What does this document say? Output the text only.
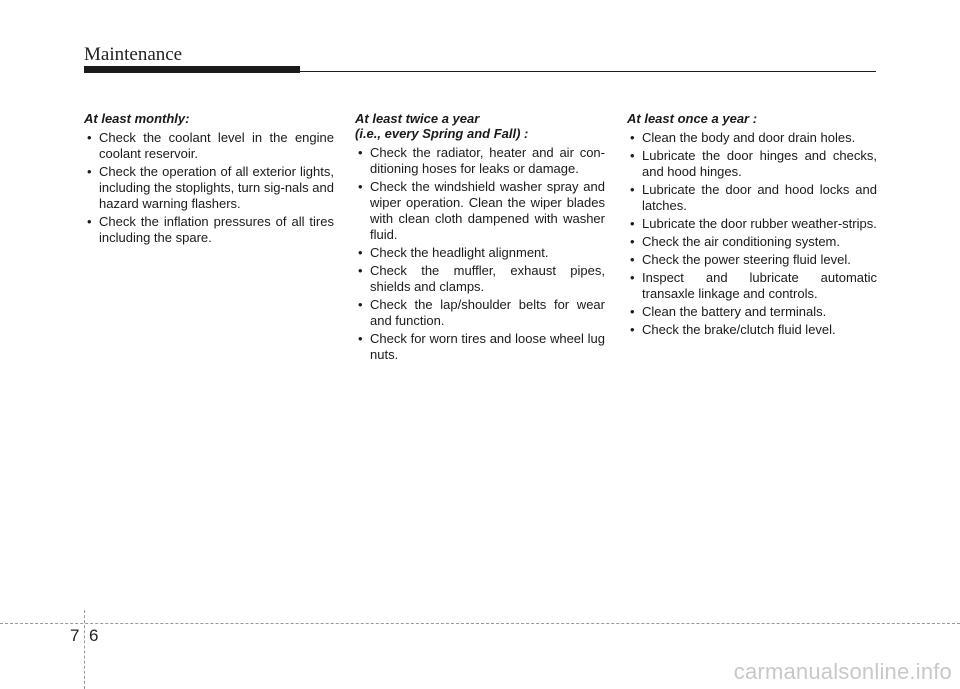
Maintenance
At least monthly:
• Check the coolant level in the engine coolant reservoir.
• Check the operation of all exterior lights, including the stoplights, turn sig-nals and hazard warning flashers.
• Check the inflation pressures of all tires including the spare.
At least twice a year
(i.e., every Spring and Fall) :
• Check the radiator, heater and air con-ditioning hoses for leaks or damage.
• Check the windshield washer spray and wiper operation. Clean the wiper blades with clean cloth dampened with washer fluid.
• Check the headlight alignment.
• Check the muffler, exhaust pipes, shields and clamps.
• Check the lap/shoulder belts for wear and function.
• Check for worn tires and loose wheel lug nuts.
At least once a year :
• Clean the body and door drain holes.
• Lubricate the door hinges and checks, and hood hinges.
• Lubricate the door and hood locks and latches.
• Lubricate the door rubber weather-strips.
• Check the air conditioning system.
• Check the power steering fluid level.
• Inspect and lubricate automatic transaxle linkage and controls.
• Clean the battery and terminals.
• Check the brake/clutch fluid level.
7 6
carmanualsonline.info
